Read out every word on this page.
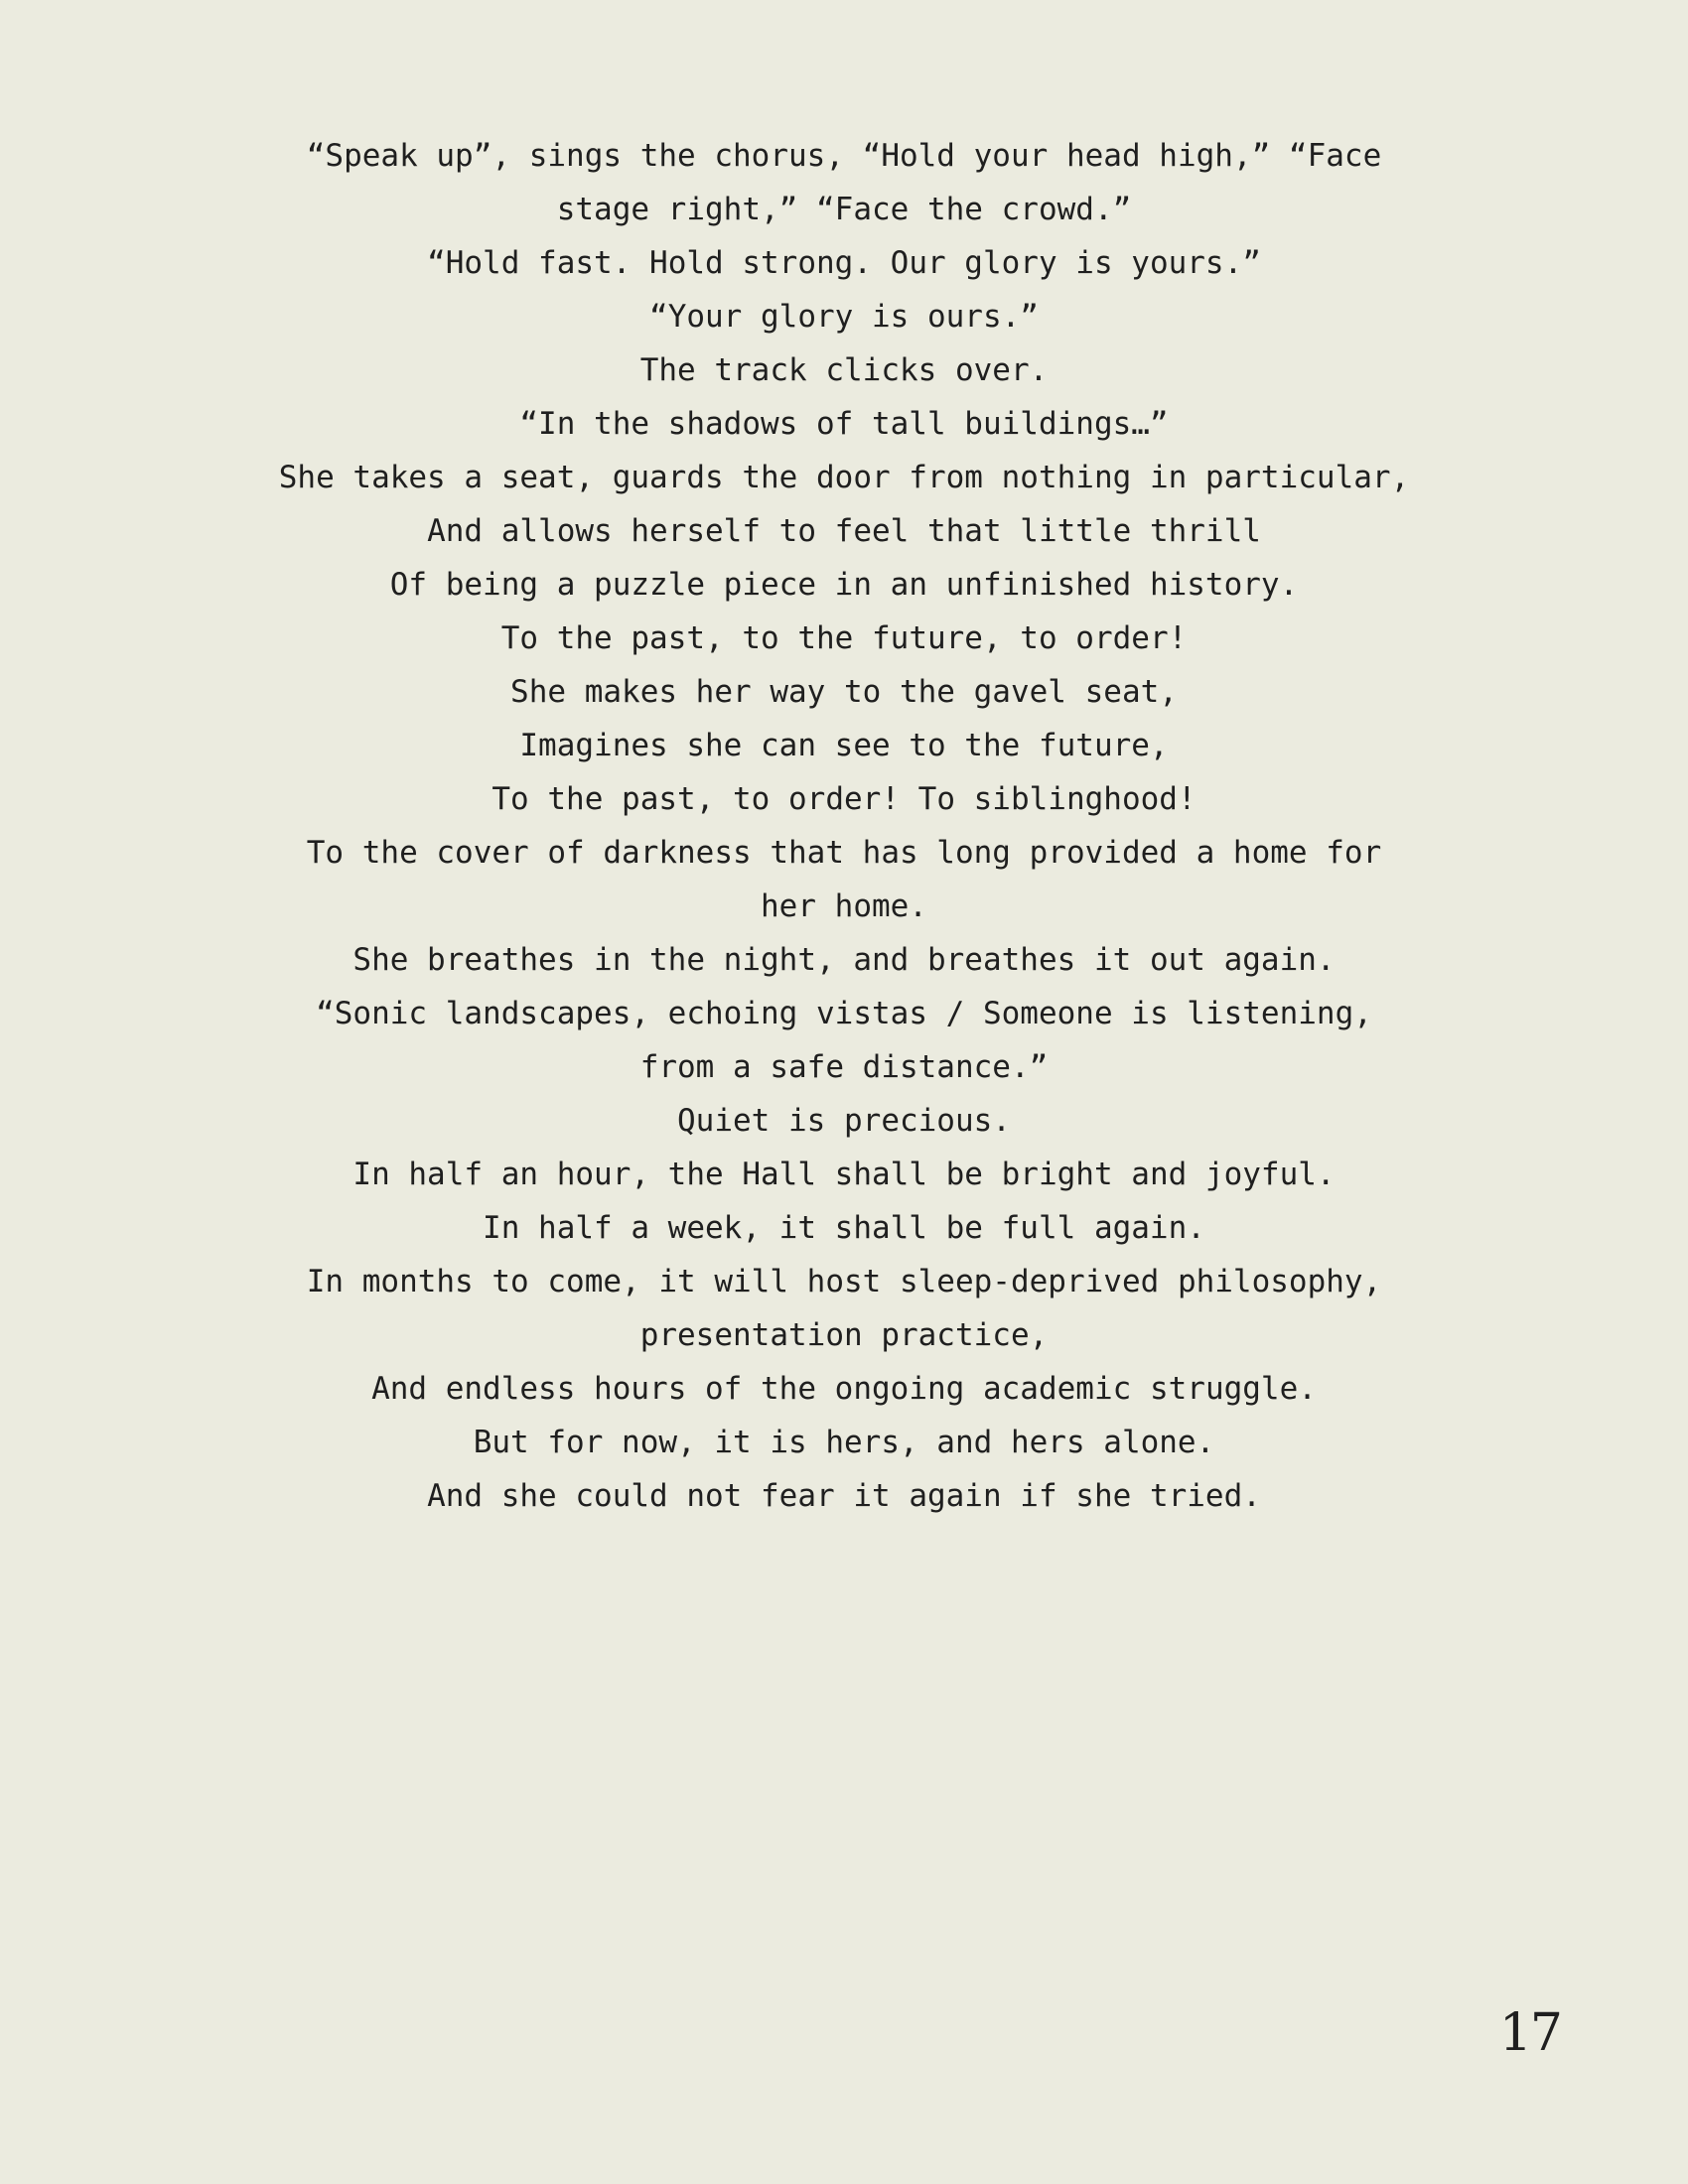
“Speak up”, sings the chorus, “Hold your head high,” “Face stage right,” “Face the crowd.”
“Hold fast. Hold strong. Our glory is yours.”
“Your glory is ours.”
The track clicks over.
“In the shadows of tall buildings…”
She takes a seat, guards the door from nothing in particular,
And allows herself to feel that little thrill
Of being a puzzle piece in an unfinished history.
To the past, to the future, to order!
She makes her way to the gavel seat,
Imagines she can see to the future,
To the past, to order! To siblinghood!
To the cover of darkness that has long provided a home for her home.
She breathes in the night, and breathes it out again.
“Sonic landscapes, echoing vistas / Someone is listening, from a safe distance.”
Quiet is precious.
In half an hour, the Hall shall be bright and joyful.
In half a week, it shall be full again.
In months to come, it will host sleep-deprived philosophy, presentation practice,
And endless hours of the ongoing academic struggle.
But for now, it is hers, and hers alone.
And she could not fear it again if she tried.
17
